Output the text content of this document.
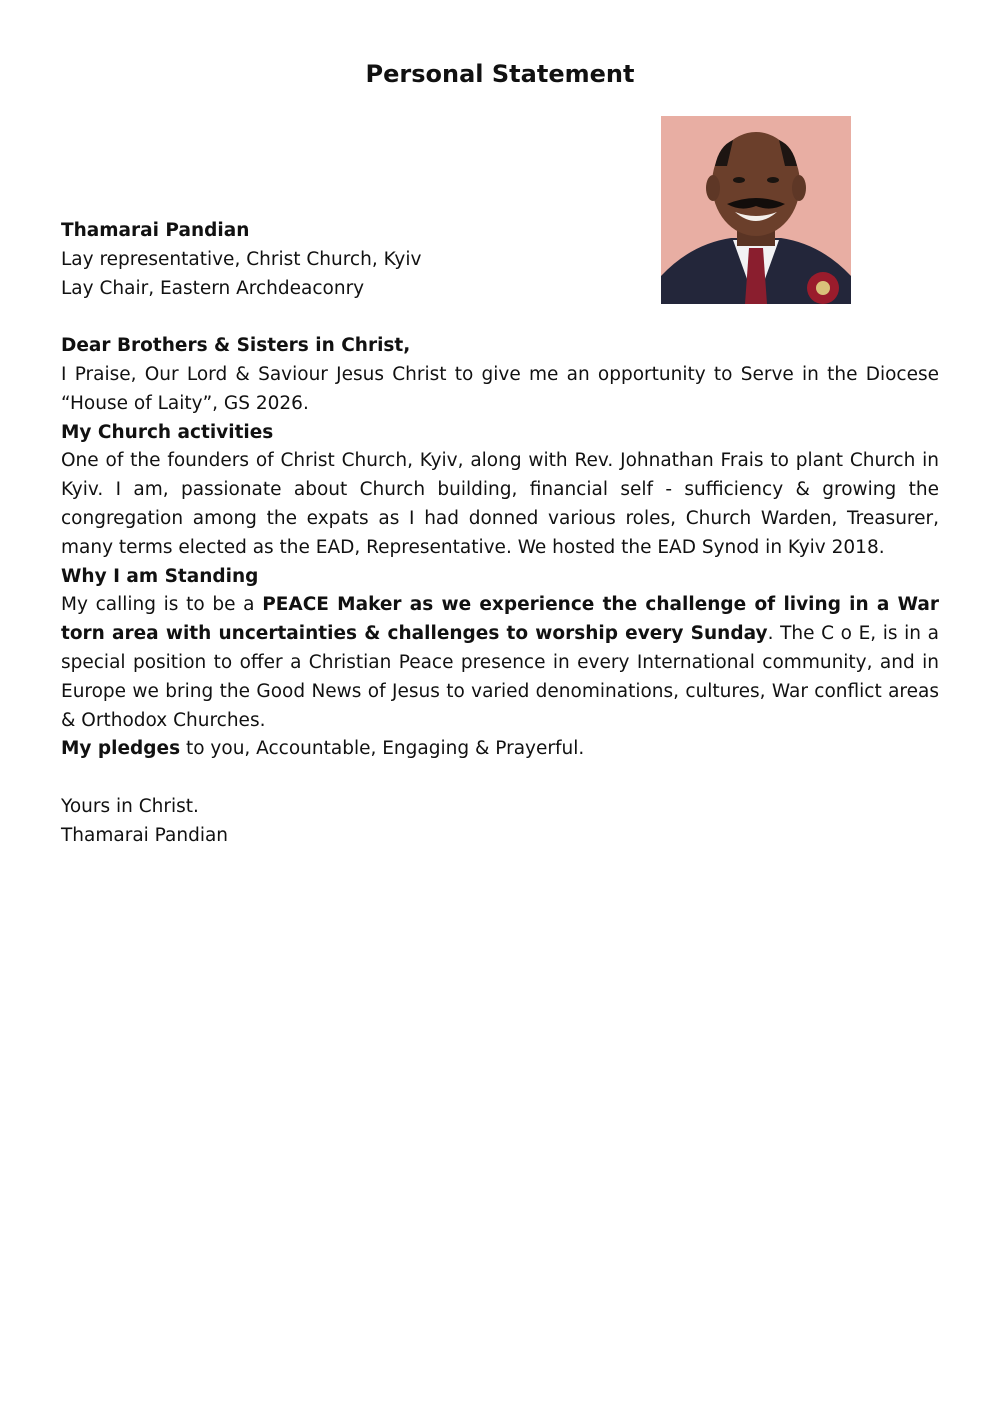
Personal Statement

Thamarai Pandian

Lay representative, Christ Church, Kyiv

Lay Chair, Eastern Archdeaconry

Dear Brothers & Sisters in Christ,

I Praise, Our Lord & Saviour Jesus Christ to give me an opportunity to Serve in the Diocese “House of Laity”, GS 2026.

My Church activities

One of the founders of Christ Church, Kyiv, along with Rev. Johnathan Frais to plant Church in Kyiv. I am, passionate about Church building, financial self - sufficiency & growing the congregation among the expats as I had donned various roles, Church Warden, Treasurer, many terms elected as the EAD, Representative. We hosted the EAD Synod in Kyiv 2018.

Why I am Standing

My calling is to be a PEACE Maker as we experience the challenge of living in a War torn area with uncertainties & challenges to worship every Sunday. The C o E, is in a special position to offer a Christian Peace presence in every International community, and in Europe we bring the Good News of Jesus to varied denominations, cultures, War conflict areas & Orthodox Churches.

My pledges to you, Accountable, Engaging & Prayerful.

Yours in Christ.

Thamarai Pandian
